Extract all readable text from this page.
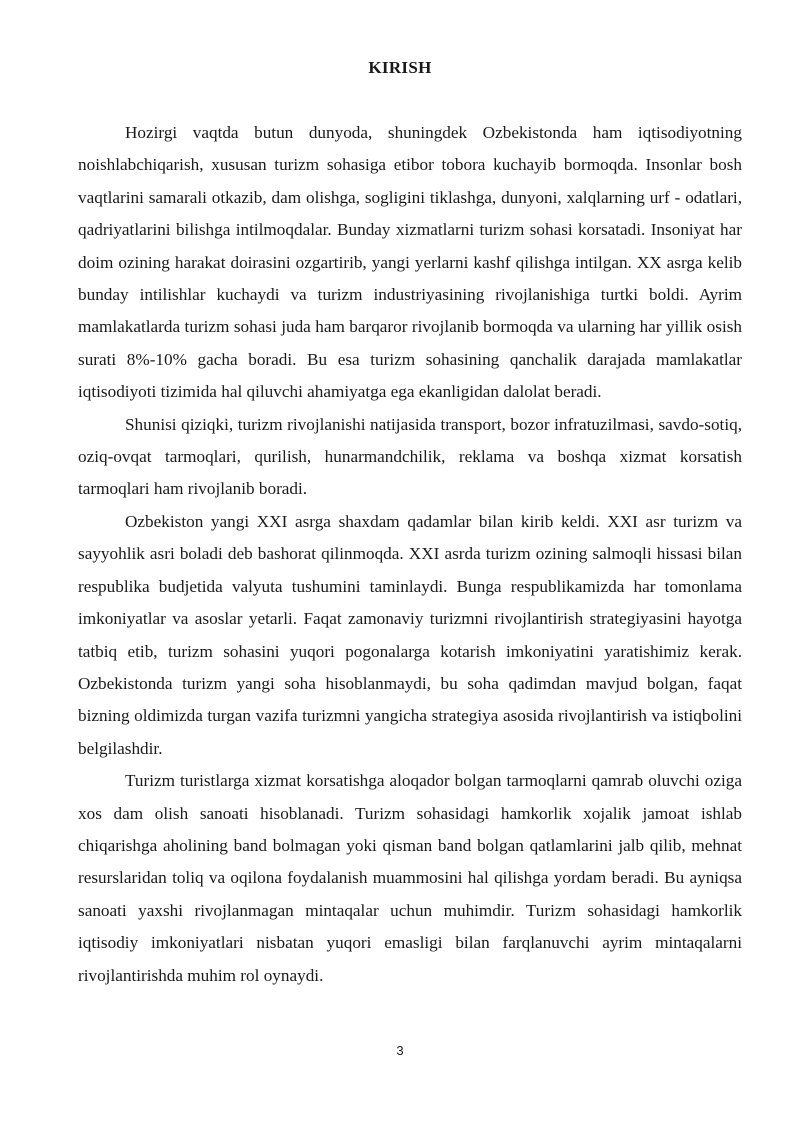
KIRISH

Hozirgi vaqtda butun dunyoda, shuningdek Ozbekistonda ham iqtisodiyotning noishlabchiqarish, xususan turizm sohasiga etibor tobora kuchayib bormoqda. Insonlar bosh vaqtlarini samarali otkazib, dam olishga, sogligini tiklashga, dunyoni, xalqlarning urf - odatlari, qadriyatlarini bilishga intilmoqdalar. Bunday xizmatlarni turizm sohasi korsatadi. Insoniyat har doim ozining harakat doirasini ozgartirib, yangi yerlarni kashf qilishga intilgan. XX asrga kelib bunday intilishlar kuchaydi va turizm industriyasining rivojlanishiga turtki boldi. Ayrim mamlakatlarda turizm sohasi juda ham barqaror rivojlanib bormoqda va ularning har yillik osish surati 8%-10% gacha boradi. Bu esa turizm sohasining qanchalik darajada mamlakatlar iqtisodiyoti tizimida hal qiluvchi ahamiyatga ega ekanligidan dalolat beradi.

Shunisi qiziqki, turizm rivojlanishi natijasida transport, bozor infratuzilmasi, savdo-sotiq, oziq-ovqat tarmoqlari, qurilish, hunarmandchilik, reklama va boshqa xizmat korsatish tarmoqlari ham rivojlanib boradi.

Ozbekiston yangi XXI asrga shaxdam qadamlar bilan kirib keldi. XXI asr turizm va sayyohlik asri boladi deb bashorat qilinmoqda. XXI asrda turizm ozining salmoqli hissasi bilan respublika budjetida valyuta tushumini taminlaydi. Bunga respublikamizda har tomonlama imkoniyatlar va asoslar yetarli. Faqat zamonaviy turizmni rivojlantirish strategiyasini hayotga tatbiq etib, turizm sohasini yuqori pogonalarga kotarish imkoniyatini yaratishimiz kerak. Ozbekistonda turizm yangi soha hisoblanmaydi, bu soha qadimdan mavjud bolgan, faqat bizning oldimizda turgan vazifa turizmni yangicha strategiya asosida rivojlantirish va istiqbolini belgilashdir.

Turizm turistlarga xizmat korsatishga aloqador bolgan tarmoqlarni qamrab oluvchi oziga xos dam olish sanoati hisoblanadi. Turizm sohasidagi hamkorlik xojalik jamoat ishlab chiqarishga aholining band bolmagan yoki qisman band bolgan qatlamlarini jalb qilib, mehnat resurslaridan toliq va oqilona foydalanish muammosini hal qilishga yordam beradi. Bu ayniqsa sanoati yaxshi rivojlanmagan mintaqalar uchun muhimdir. Turizm sohasidagi hamkorlik iqtisodiy imkoniyatlari nisbatan yuqori emasligi bilan farqlanuvchi ayrim mintaqalarni rivojlantirishda muhim rol oynaydi.

3
